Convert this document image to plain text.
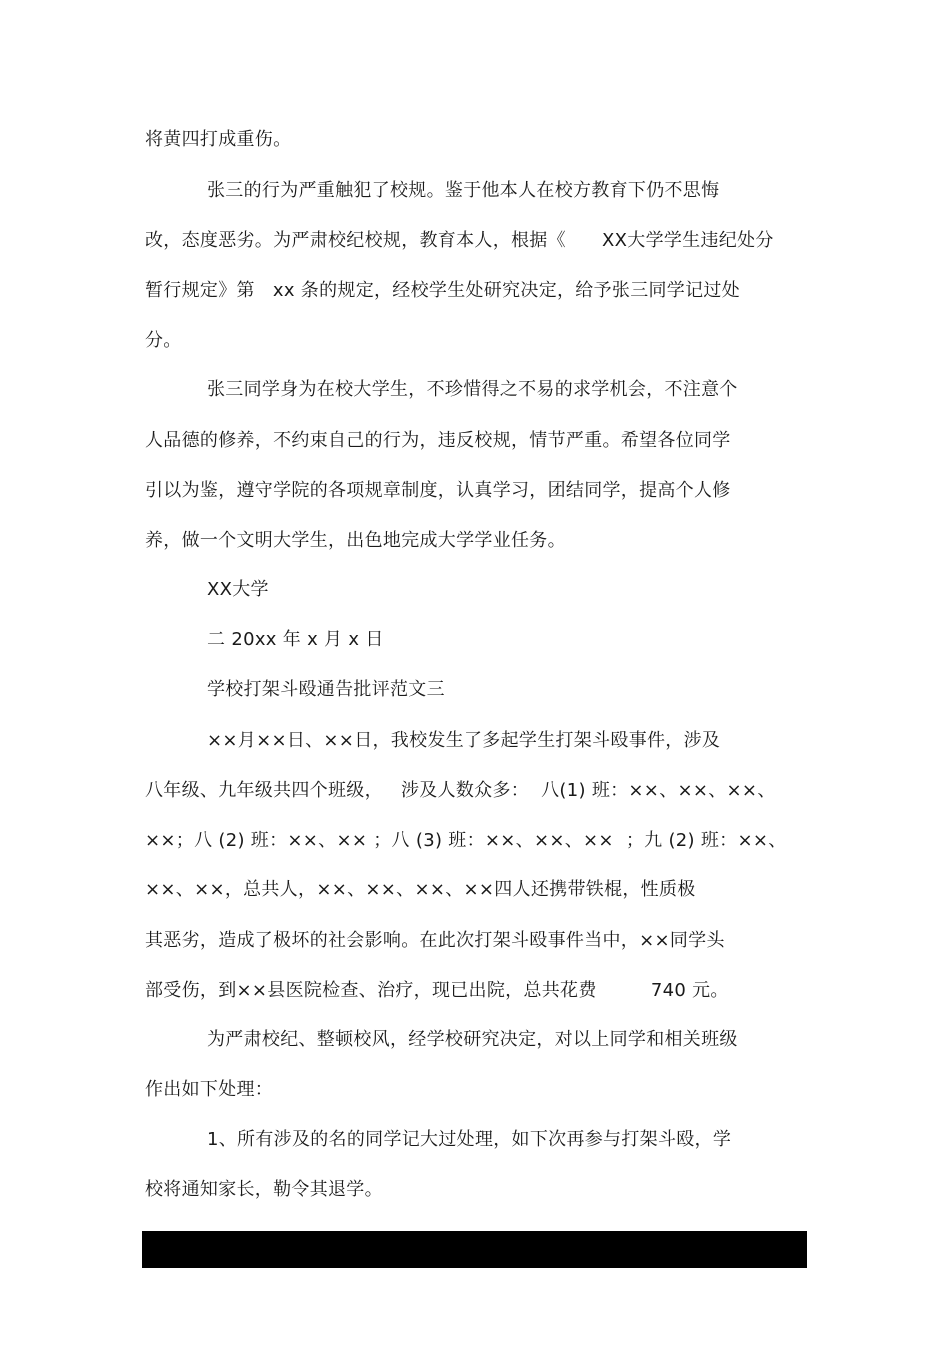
将黄四打成重伤。
张三的行为严重触犯了校规。鉴于他本人在校方教育下仍不思悔
改，态度恶劣。为严肃校纪校规，教育本人，根据《      XX大学学生违纪处分
暂行规定》第   xx 条的规定，经校学生处研究决定，给予张三同学记过处
分。
张三同学身为在校大学生，不珍惜得之不易的求学机会，不注意个
人品德的修养，不约束自己的行为，违反校规，情节严重。希望各位同学
引以为鉴，遵守学院的各项规章制度，认真学习，团结同学，提高个人修
养，做一个文明大学生，出色地完成大学学业任务。
XX大学
二 20xx 年 x 月 x 日
学校打架斗殴通告批评范文三
××月××日、××日，我校发生了多起学生打架斗殴事件，涉及
八年级、九年级共四个班级，   涉及人数众多：  八(1) 班：××、××、××、
××；八 (2) 班：××、×× ；八 (3) 班：××、××、××  ；九 (2) 班：××、
××、××，总共人，××、××、××、××四人还携带铁棍，性质极
其恶劣，造成了极坏的社会影响。在此次打架斗殴事件当中，××同学头
部受伤，到××县医院检查、治疗，现已出院，总共花费         740 元。
为严肃校纪、整顿校风，经学校研究决定，对以上同学和相关班级
作出如下处理：
1、所有涉及的名的同学记大过处理，如下次再参与打架斗殴，学
校将通知家长，勒令其退学。
